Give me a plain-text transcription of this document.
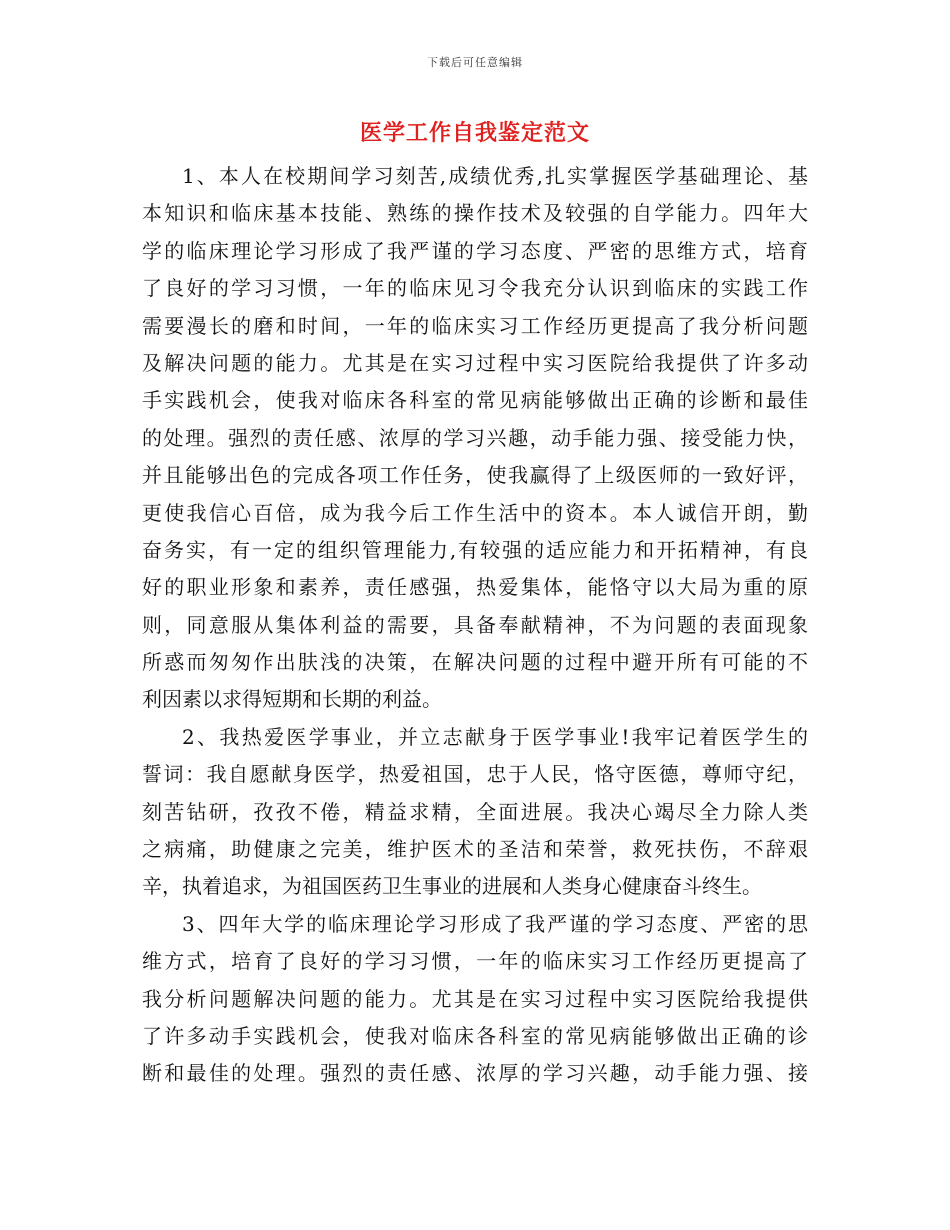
下载后可任意编辑
医学工作自我鉴定范文
1、本人在校期间学习刻苦,成绩优秀,扎实掌握医学基础理论、基
本知识和临床基本技能、熟练的操作技术及较强的自学能力。四年大
学的临床理论学习形成了我严谨的学习态度、严密的思维方式，培育
了良好的学习习惯，一年的临床见习令我充分认识到临床的实践工作
需要漫长的磨和时间，一年的临床实习工作经历更提高了我分析问题
及解决问题的能力。尤其是在实习过程中实习医院给我提供了许多动
手实践机会，使我对临床各科室的常见病能够做出正确的诊断和最佳
的处理。强烈的责任感、浓厚的学习兴趣，动手能力强、接受能力快，
并且能够出色的完成各项工作任务，使我赢得了上级医师的一致好评，
更使我信心百倍，成为我今后工作生活中的资本。本人诚信开朗，勤
奋务实，有一定的组织管理能力,有较强的适应能力和开拓精神，有良
好的职业形象和素养，责任感强，热爱集体，能恪守以大局为重的原
则，同意服从集体利益的需要，具备奉献精神，不为问题的表面现象
所惑而匆匆作出肤浅的决策，在解决问题的过程中避开所有可能的不
利因素以求得短期和长期的利益。
2、我热爱医学事业，并立志献身于医学事业!我牢记着医学生的
誓词：我自愿献身医学，热爱祖国，忠于人民，恪守医德，尊师守纪，
刻苦钻研，孜孜不倦，精益求精，全面进展。我决心竭尽全力除人类
之病痛，助健康之完美，维护医术的圣洁和荣誉，救死扶伤，不辞艰
辛，执着追求，为祖国医药卫生事业的进展和人类身心健康奋斗终生。
3、四年大学的临床理论学习形成了我严谨的学习态度、严密的思
维方式，培育了良好的学习习惯，一年的临床实习工作经历更提高了
我分析问题解决问题的能力。尤其是在实习过程中实习医院给我提供
了许多动手实践机会，使我对临床各科室的常见病能够做出正确的诊
断和最佳的处理。强烈的责任感、浓厚的学习兴趣，动手能力强、接
